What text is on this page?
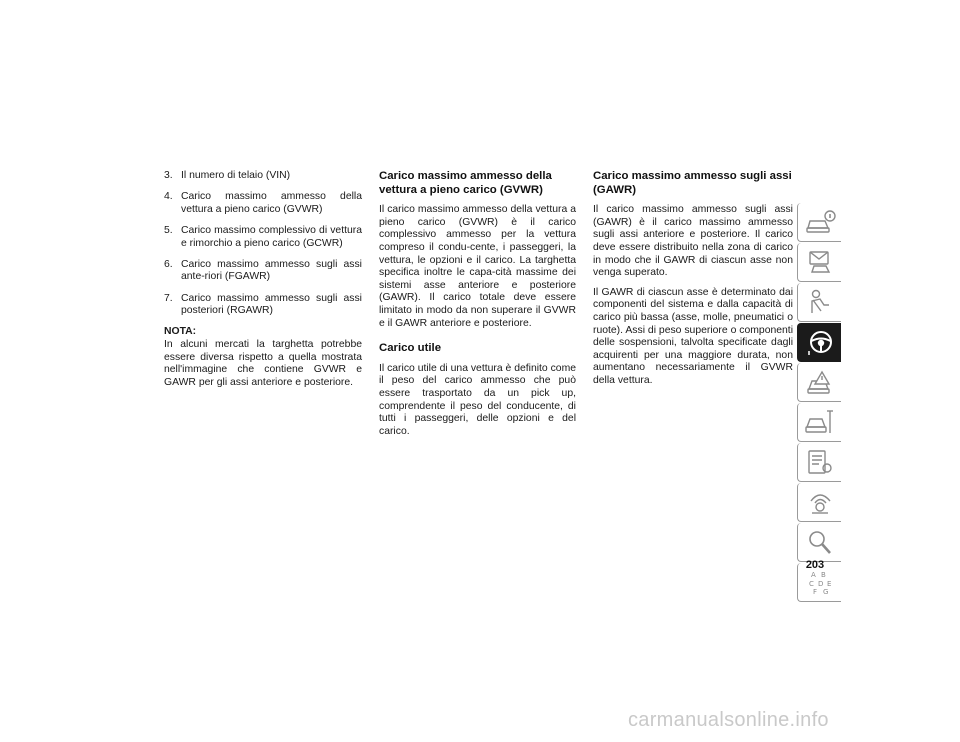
3. Il numero di telaio (VIN)
4. Carico massimo ammesso della vettura a pieno carico (GVWR)
5. Carico massimo complessivo di vettura e rimorchio a pieno carico (GCWR)
6. Carico massimo ammesso sugli assi ante-riori (FGAWR)
7. Carico massimo ammesso sugli assi posteriori (RGAWR)
NOTA:
In alcuni mercati la targhetta potrebbe essere diversa rispetto a quella mostrata nell'immagine che contiene GVWR e GAWR per gli assi anteriore e posteriore.
Carico massimo ammesso della vettura a pieno carico (GVWR)

Il carico massimo ammesso della vettura a pieno carico (GVWR) è il carico complessivo ammesso per la vettura compreso il condu-cente, i passeggeri, la vettura, le opzioni e il carico. La targhetta specifica inoltre le capa-cità massime dei sistemi asse anteriore e posteriore (GAWR). Il carico totale deve essere limitato in modo da non superare il GVWR e il GAWR anteriore e posteriore.

Carico utile

Il carico utile di una vettura è definito come il peso del carico ammesso che può essere trasportato da un pick up, comprendente il peso del conducente, di tutti i passeggeri, delle opzioni e del carico.

Carico massimo ammesso sugli assi (GAWR)

Il carico massimo ammesso sugli assi (GAWR) è il carico massimo ammesso sugli assi anteriore e posteriore. Il carico deve essere distribuito nella zona di carico in modo che il GAWR di ciascun asse non venga superato.

Il GAWR di ciascun asse è determinato dai componenti del sistema e dalla capacità di carico più bassa (asse, molle, pneumatici o ruote). Assi di peso superiore o componenti delle sospensioni, talvolta specificate dagli acquirenti per una maggiore durata, non aumentano necessariamente il GVWR della vettura.

A B
C D E
F G
203
carmanualsonline.info
